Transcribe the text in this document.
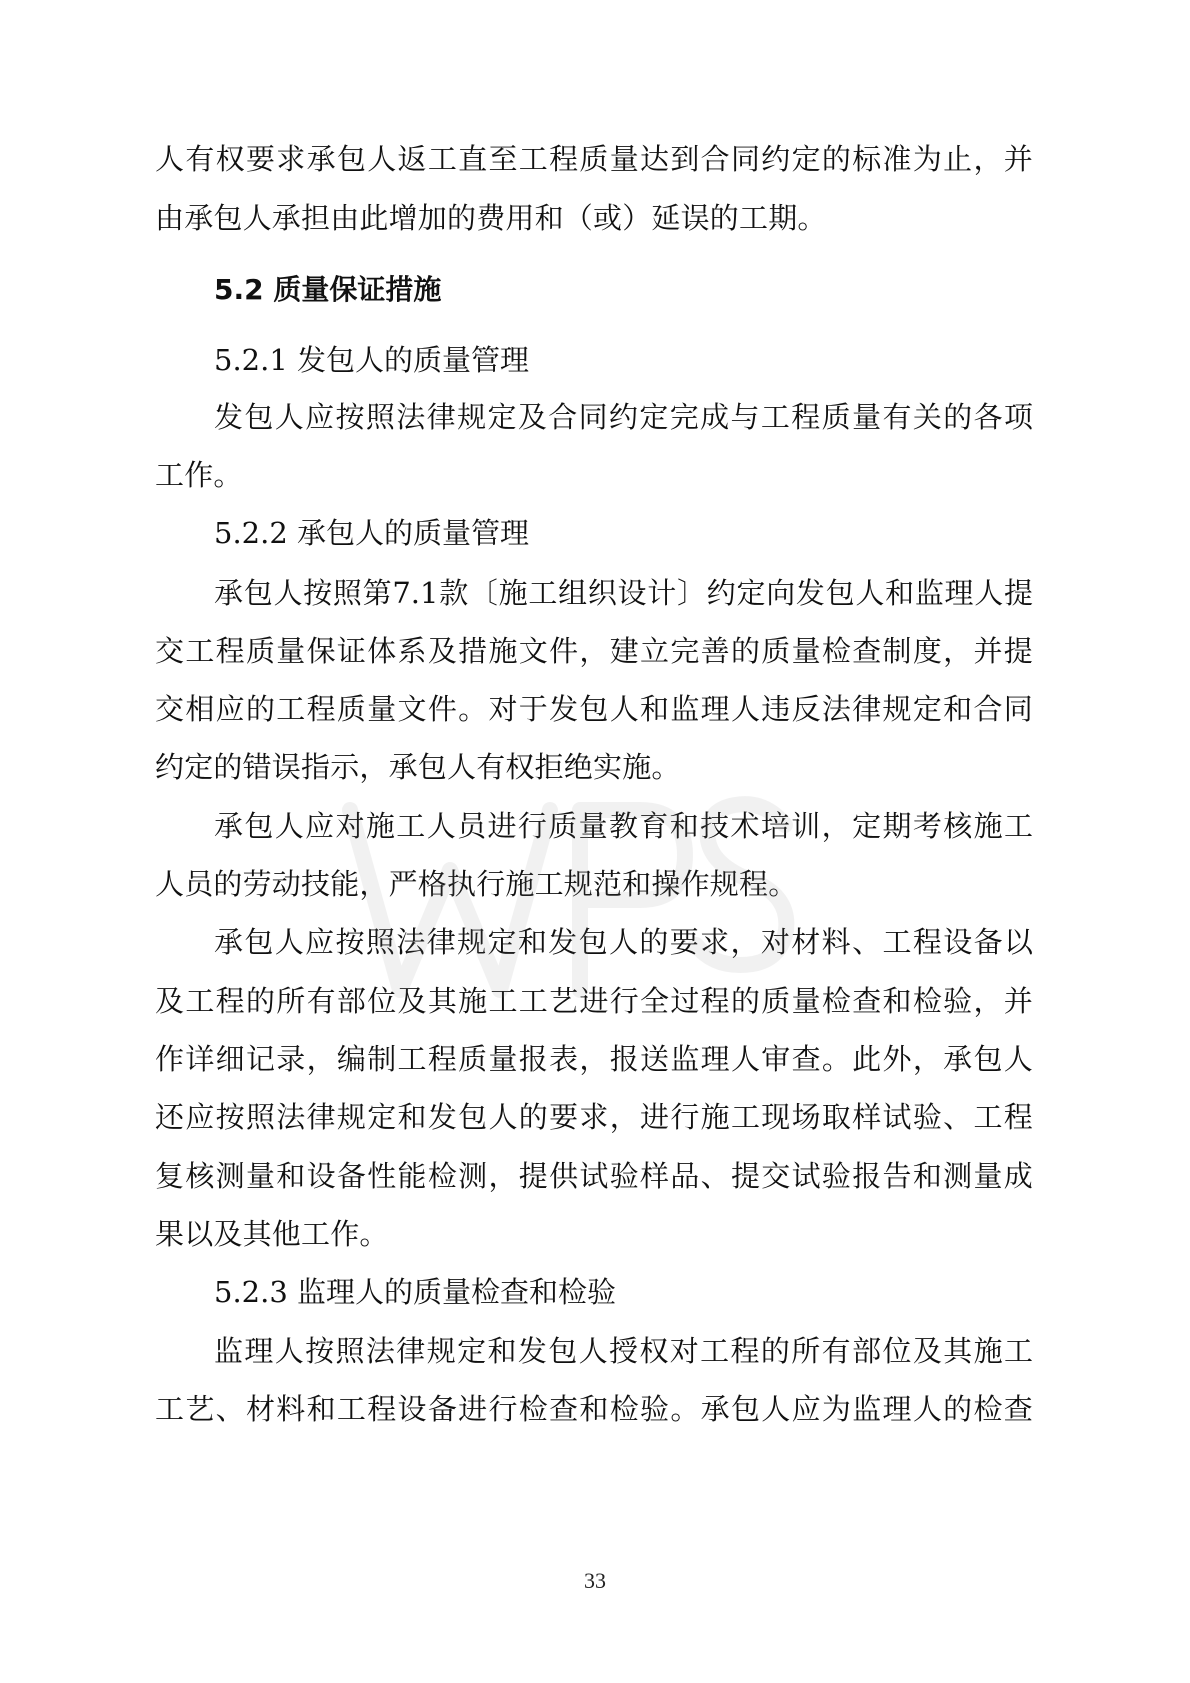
人有权要求承包人返工直至工程质量达到合同约定的标准为止，并
由承包人承担由此增加的费用和（或）延误的工期。
5.2 质量保证措施
5.2.1 发包人的质量管理
发包人应按照法律规定及合同约定完成与工程质量有关的各项
工作。
5.2.2 承包人的质量管理
承包人按照第7.1款〔施工组织设计〕约定向发包人和监理人提
交工程质量保证体系及措施文件，建立完善的质量检查制度，并提
交相应的工程质量文件。对于发包人和监理人违反法律规定和合同
约定的错误指示，承包人有权拒绝实施。
承包人应对施工人员进行质量教育和技术培训，定期考核施工
人员的劳动技能，严格执行施工规范和操作规程。
承包人应按照法律规定和发包人的要求，对材料、工程设备以
及工程的所有部位及其施工工艺进行全过程的质量检查和检验，并
作详细记录，编制工程质量报表，报送监理人审查。此外，承包人
还应按照法律规定和发包人的要求，进行施工现场取样试验、工程
复核测量和设备性能检测，提供试验样品、提交试验报告和测量成
果以及其他工作。
5.2.3 监理人的质量检查和检验
监理人按照法律规定和发包人授权对工程的所有部位及其施工
工艺、材料和工程设备进行检查和检验。承包人应为监理人的检查
33
